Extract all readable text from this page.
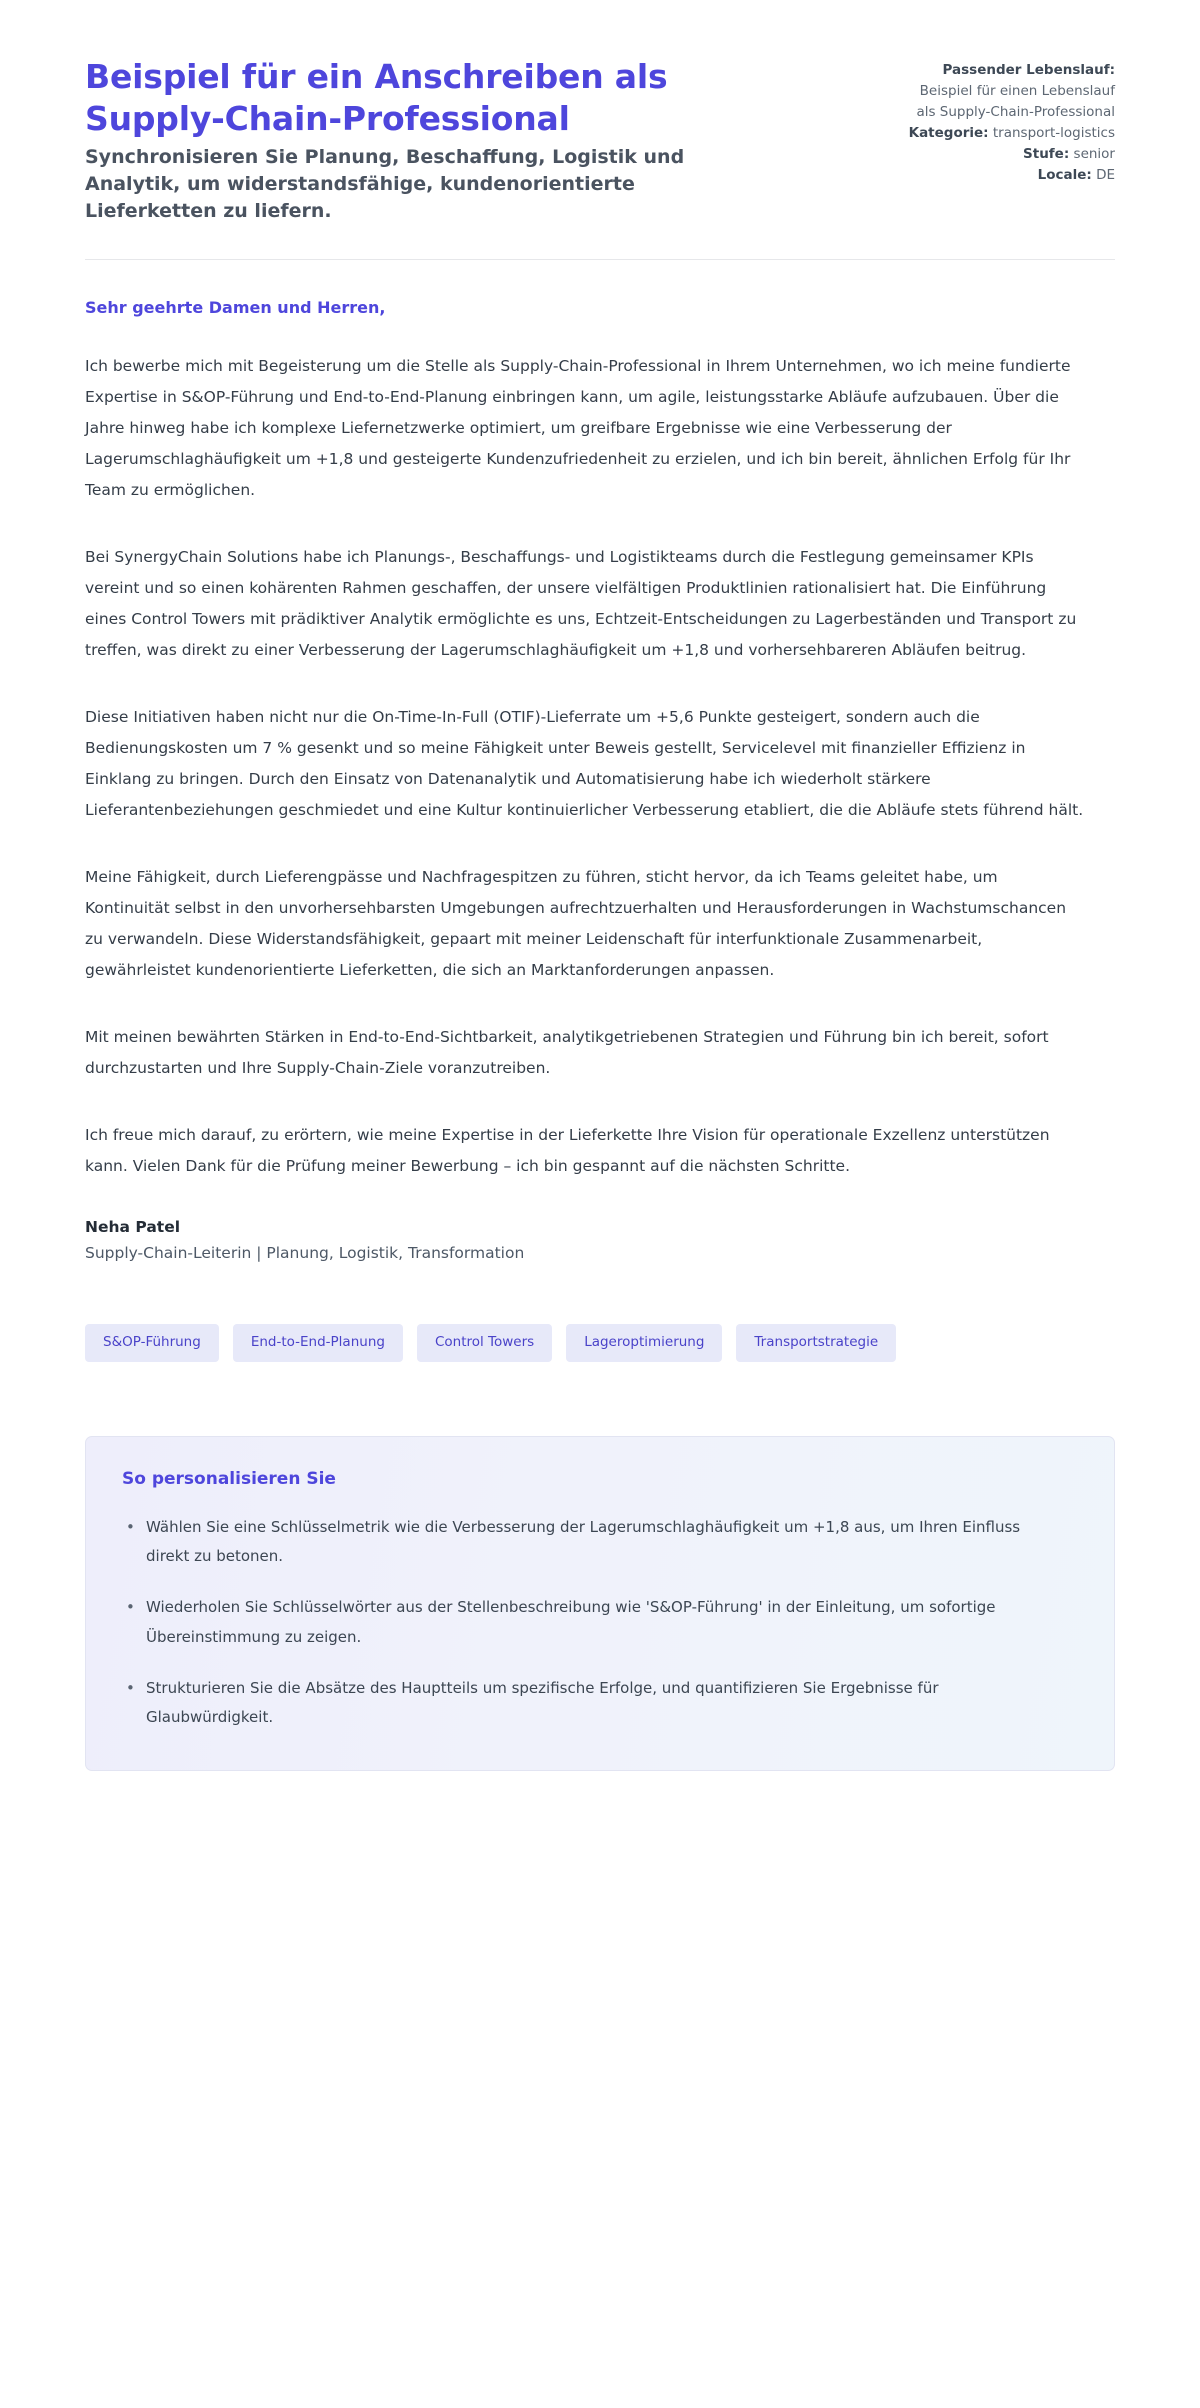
Beispiel für ein Anschreiben als Supply-Chain-Professional

Synchronisieren Sie Planung, Beschaffung, Logistik und Analytik, um widerstandsfähige, kundenorientierte Lieferketten zu liefern.

Passender Lebenslauf:
Beispiel für einen Lebenslauf
als Supply-Chain-Professional
Kategorie: transport-logistics
Stufe: senior
Locale: DE

Sehr geehrte Damen und Herren,

Ich bewerbe mich mit Begeisterung um die Stelle als Supply-Chain-Professional in Ihrem Unternehmen, wo ich meine fundierte Expertise in S&OP-Führung und End-to-End-Planung einbringen kann, um agile, leistungsstarke Abläufe aufzubauen. Über die Jahre hinweg habe ich komplexe Liefernetzwerke optimiert, um greifbare Ergebnisse wie eine Verbesserung der Lagerumschlaghäufigkeit um +1,8 und gesteigerte Kundenzufriedenheit zu erzielen, und ich bin bereit, ähnlichen Erfolg für Ihr Team zu ermöglichen.

Bei SynergyChain Solutions habe ich Planungs-, Beschaffungs- und Logistikteams durch die Festlegung gemeinsamer KPIs vereint und so einen kohärenten Rahmen geschaffen, der unsere vielfältigen Produktlinien rationalisiert hat. Die Einführung eines Control Towers mit prädiktiver Analytik ermöglichte es uns, Echtzeit-Entscheidungen zu Lagerbeständen und Transport zu treffen, was direkt zu einer Verbesserung der Lagerumschlaghäufigkeit um +1,8 und vorhersehbareren Abläufen beitrug.

Diese Initiativen haben nicht nur die On-Time-In-Full (OTIF)-Lieferrate um +5,6 Punkte gesteigert, sondern auch die Bedienungskosten um 7 % gesenkt und so meine Fähigkeit unter Beweis gestellt, Servicelevel mit finanzieller Effizienz in Einklang zu bringen. Durch den Einsatz von Datenanalytik und Automatisierung habe ich wiederholt stärkere Lieferantenbeziehungen geschmiedet und eine Kultur kontinuierlicher Verbesserung etabliert, die die Abläufe stets führend hält.

Meine Fähigkeit, durch Lieferengpässe und Nachfragespitzen zu führen, sticht hervor, da ich Teams geleitet habe, um Kontinuität selbst in den unvorhersehbarsten Umgebungen aufrechtzuerhalten und Herausforderungen in Wachstumschancen zu verwandeln. Diese Widerstandsfähigkeit, gepaart mit meiner Leidenschaft für interfunktionale Zusammenarbeit, gewährleistet kundenorientierte Lieferketten, die sich an Marktanforderungen anpassen.

Mit meinen bewährten Stärken in End-to-End-Sichtbarkeit, analytikgetriebenen Strategien und Führung bin ich bereit, sofort durchzustarten und Ihre Supply-Chain-Ziele voranzutreiben.

Ich freue mich darauf, zu erörtern, wie meine Expertise in der Lieferkette Ihre Vision für operationale Exzellenz unterstützen kann. Vielen Dank für die Prüfung meiner Bewerbung – ich bin gespannt auf die nächsten Schritte.

Neha Patel

Supply-Chain-Leiterin | Planung, Logistik, Transformation

S&OP-Führung	End-to-End-Planung	Control Towers	Lageroptimierung	Transportstrategie

So personalisieren Sie

• Wählen Sie eine Schlüsselmetrik wie die Verbesserung der Lagerumschlaghäufigkeit um +1,8 aus, um Ihren Einfluss direkt zu betonen.
• Wiederholen Sie Schlüsselwörter aus der Stellenbeschreibung wie 'S&OP-Führung' in der Einleitung, um sofortige Übereinstimmung zu zeigen.
• Strukturieren Sie die Absätze des Hauptteils um spezifische Erfolge, und quantifizieren Sie Ergebnisse für Glaubwürdigkeit.
